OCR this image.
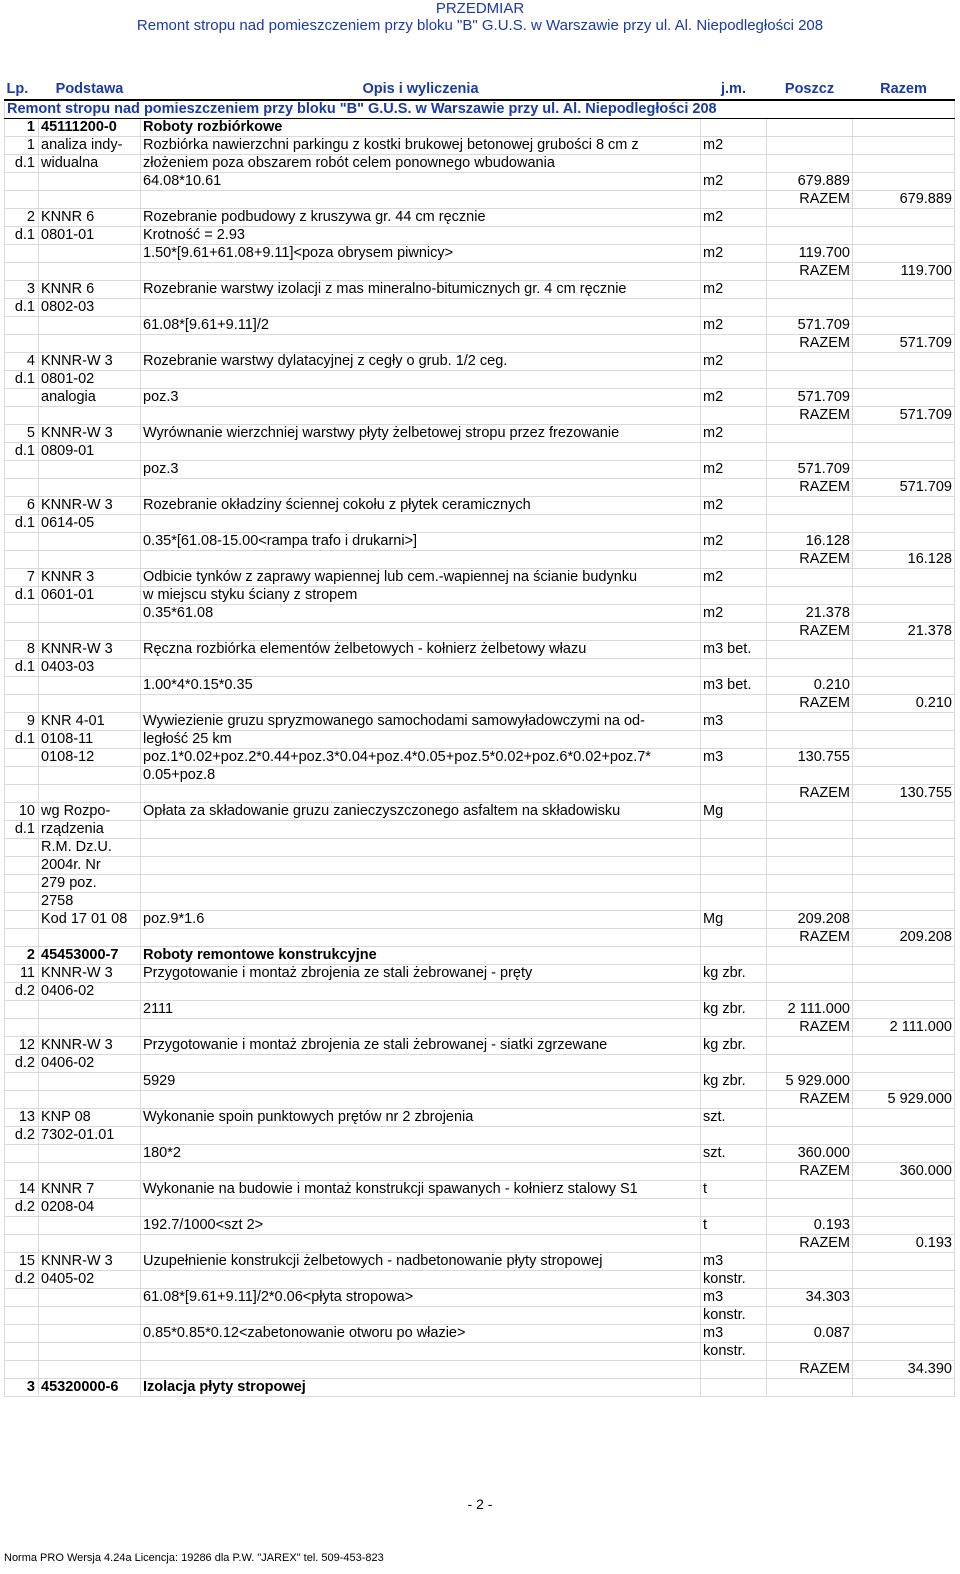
PRZEDMIAR
Remont stropu nad pomieszczeniem przy bloku "B" G.U.S. w Warszawie przy ul. Al. Niepodległości 208
Lp.	Podstawa	Opis i wyliczenia	j.m.	Poszcz	Razem
Remont stropu nad pomieszczeniem przy bloku "B" G.U.S. w Warszawie przy ul. Al. Niepodległości 208					
1	45111200-0	Roboty rozbiórkowe			
1	analiza indy-	Rozbiórka nawierzchni parkingu z kostki brukowej betonowej grubości 8 cm z	m2		
d.1	widualna	złożeniem poza obszarem robót celem ponownego wbudowania			
		64.08*10.61	m2	679.889	
				RAZEM	679.889
2	KNNR 6	Rozebranie podbudowy z kruszywa gr. 44 cm ręcznie	m2		
d.1	0801-01	Krotność = 2.93			
		1.50*[9.61+61.08+9.11]<poza obrysem piwnicy>	m2	119.700	
				RAZEM	119.700
3	KNNR 6	Rozebranie warstwy izolacji z mas mineralno-bitumicznych gr. 4 cm ręcznie	m2		
d.1	0802-03				
		61.08*[9.61+9.11]/2	m2	571.709	
				RAZEM	571.709
4	KNNR-W 3	Rozebranie warstwy dylatacyjnej z cegły o grub. 1/2 ceg.	m2		
d.1	0801-02				
	analogia	poz.3	m2	571.709	
				RAZEM	571.709
5	KNNR-W 3	Wyrównanie wierzchniej warstwy płyty żelbetowej stropu przez frezowanie	m2		
d.1	0809-01				
		poz.3	m2	571.709	
				RAZEM	571.709
6	KNNR-W 3	Rozebranie okładziny ściennej cokołu z płytek ceramicznych	m2		
d.1	0614-05				
		0.35*[61.08-15.00<rampa trafo i drukarni>]	m2	16.128	
				RAZEM	16.128
7	KNNR 3	Odbicie tynków z zaprawy wapiennej lub cem.-wapiennej na ścianie budynku	m2		
d.1	0601-01	w miejscu styku ściany z stropem			
		0.35*61.08	m2	21.378	
				RAZEM	21.378
8	KNNR-W 3	Ręczna rozbiórka elementów żelbetowych - kołnierz żelbetowy włazu	m3 bet.		
d.1	0403-03				
		1.00*4*0.15*0.35	m3 bet.	0.210	
				RAZEM	0.210
9	KNR 4-01	Wywiezienie gruzu spryzmowanego samochodami samowyładowczymi na od-	m3		
d.1	0108-11	ległość 25 km			
	0108-12	poz.1*0.02+poz.2*0.44+poz.3*0.04+poz.4*0.05+poz.5*0.02+poz.6*0.02+poz.7*	m3	130.755	
		0.05+poz.8			
				RAZEM	130.755
10	wg Rozpo-	Opłata za składowanie gruzu zanieczyszczonego asfaltem na składowisku	Mg		
d.1	rządzenia				
	R.M. Dz.U.				
	2004r. Nr				
	279 poz.				
	2758				
	Kod 17 01 08	poz.9*1.6	Mg	209.208	
				RAZEM	209.208
2	45453000-7	Roboty remontowe konstrukcyjne			
11	KNNR-W 3	Przygotowanie i montaż zbrojenia ze stali żebrowanej - pręty	kg zbr.		
d.2	0406-02				
		2111	kg zbr.	2 111.000	
				RAZEM	2 111.000
12	KNNR-W 3	Przygotowanie i montaż zbrojenia ze stali żebrowanej - siatki zgrzewane	kg zbr.		
d.2	0406-02				
		5929	kg zbr.	5 929.000	
				RAZEM	5 929.000
13	KNP 08	Wykonanie spoin punktowych prętów nr 2 zbrojenia	szt.		
d.2	7302-01.01				
		180*2	szt.	360.000	
				RAZEM	360.000
14	KNNR 7	Wykonanie na budowie i montaż konstrukcji spawanych - kołnierz stalowy S1	t		
d.2	0208-04				
		192.7/1000<szt 2>	t	0.193	
				RAZEM	0.193
15	KNNR-W 3	Uzupełnienie konstrukcji żelbetowych - nadbetonowanie płyty stropowej	m3		
d.2	0405-02		konstr.		
		61.08*[9.61+9.11]/2*0.06<płyta stropowa>	m3	34.303	
			konstr.		
		0.85*0.85*0.12<zabetonowanie otworu po włazie>	m3	0.087	
			konstr.		
				RAZEM	34.390
3	45320000-6	Izolacja płyty stropowej			
- 2 -
Norma PRO Wersja 4.24a Licencja: 19286 dla P.W. "JAREX" tel. 509-453-823
